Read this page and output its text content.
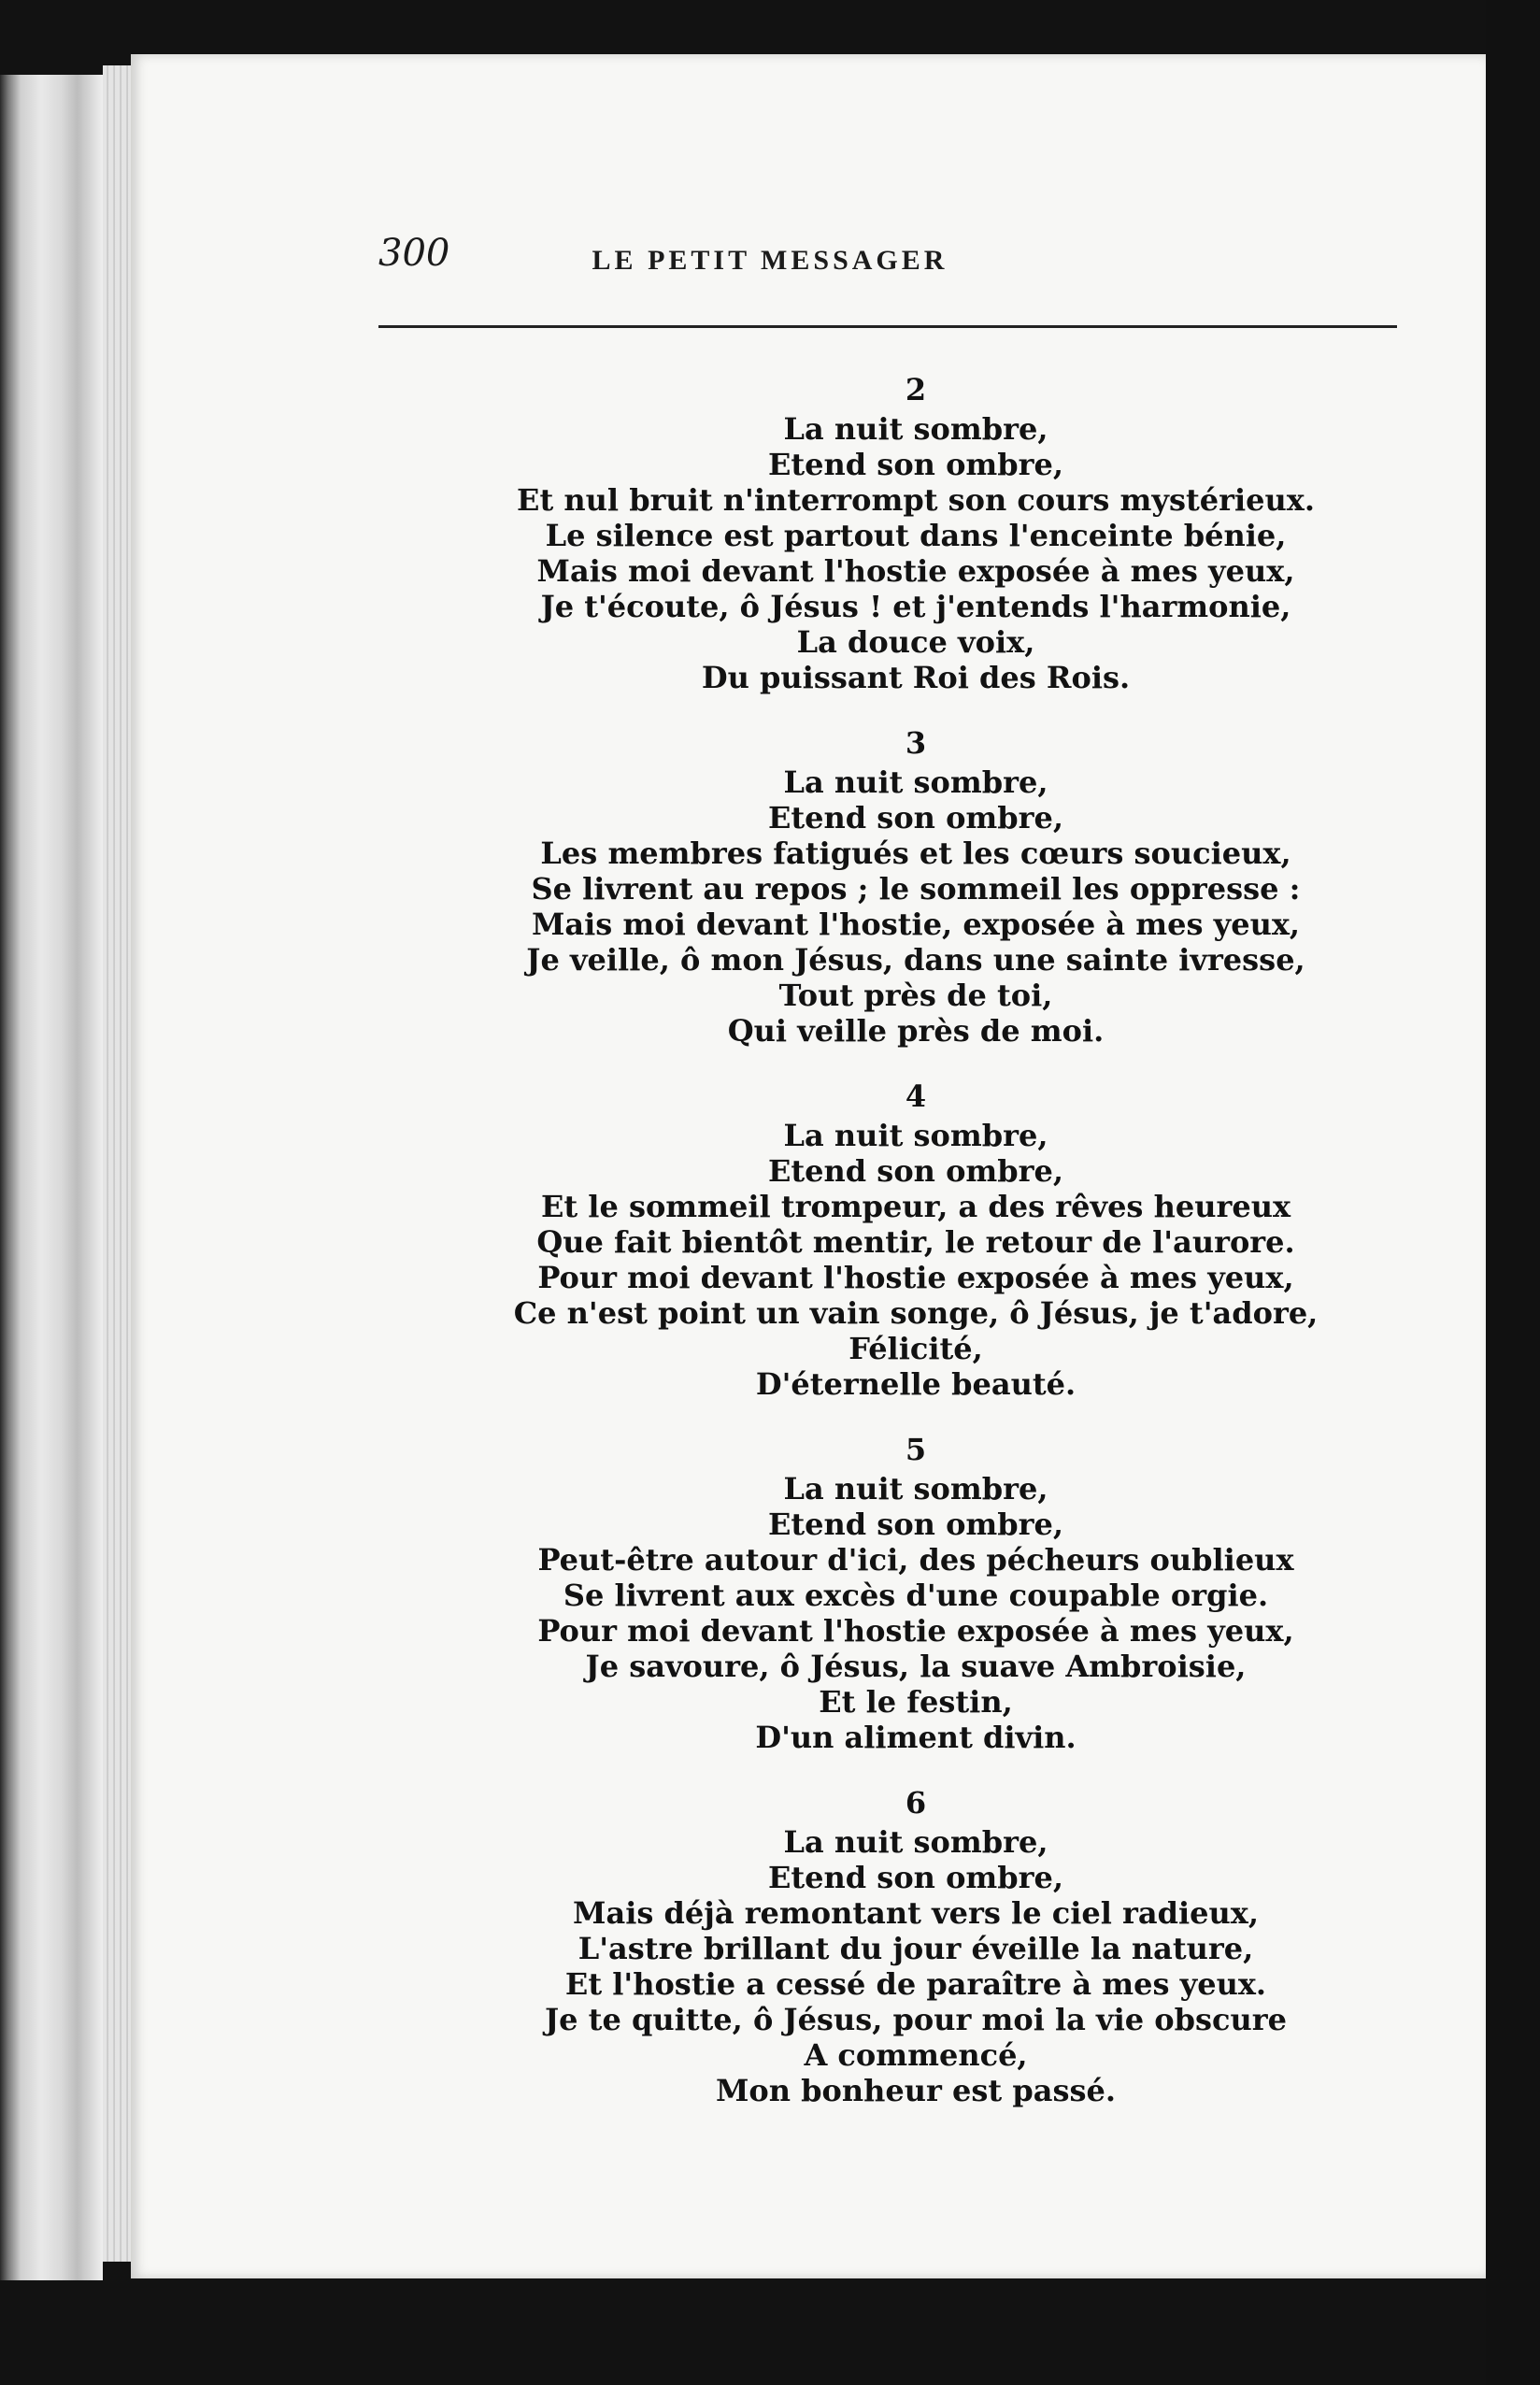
300	LE PETIT MESSAGER
2
La nuit sombre,
Etend son ombre,
Et nul bruit n'interrompt son cours mystérieux.
Le silence est partout dans l'enceinte bénie,
Mais moi devant l'hostie exposée à mes yeux,
Je t'écoute, ô Jésus ! et j'entends l'harmonie,
La douce voix,
Du puissant Roi des Rois.
3
La nuit sombre,
Etend son ombre,
Les membres fatigués et les cœurs soucieux,
Se livrent au repos ; le sommeil les oppresse :
Mais moi devant l'hostie, exposée à mes yeux,
Je veille, ô mon Jésus, dans une sainte ivresse,
Tout près de toi,
Qui veille près de moi.
4
La nuit sombre,
Etend son ombre,
Et le sommeil trompeur, a des rêves heureux
Que fait bientôt mentir, le retour de l'aurore.
Pour moi devant l'hostie exposée à mes yeux,
Ce n'est point un vain songe, ô Jésus, je t'adore,
Félicité,
D'éternelle beauté.
5
La nuit sombre,
Etend son ombre,
Peut-être autour d'ici, des pécheurs oublieux
Se livrent aux excès d'une coupable orgie.
Pour moi devant l'hostie exposée à mes yeux,
Je savoure, ô Jésus, la suave Ambroisie,
Et le festin,
D'un aliment divin.
6
La nuit sombre,
Etend son ombre,
Mais déjà remontant vers le ciel radieux,
L'astre brillant du jour éveille la nature,
Et l'hostie a cessé de paraître à mes yeux.
Je te quitte, ô Jésus, pour moi la vie obscure
A commencé,
Mon bonheur est passé.
